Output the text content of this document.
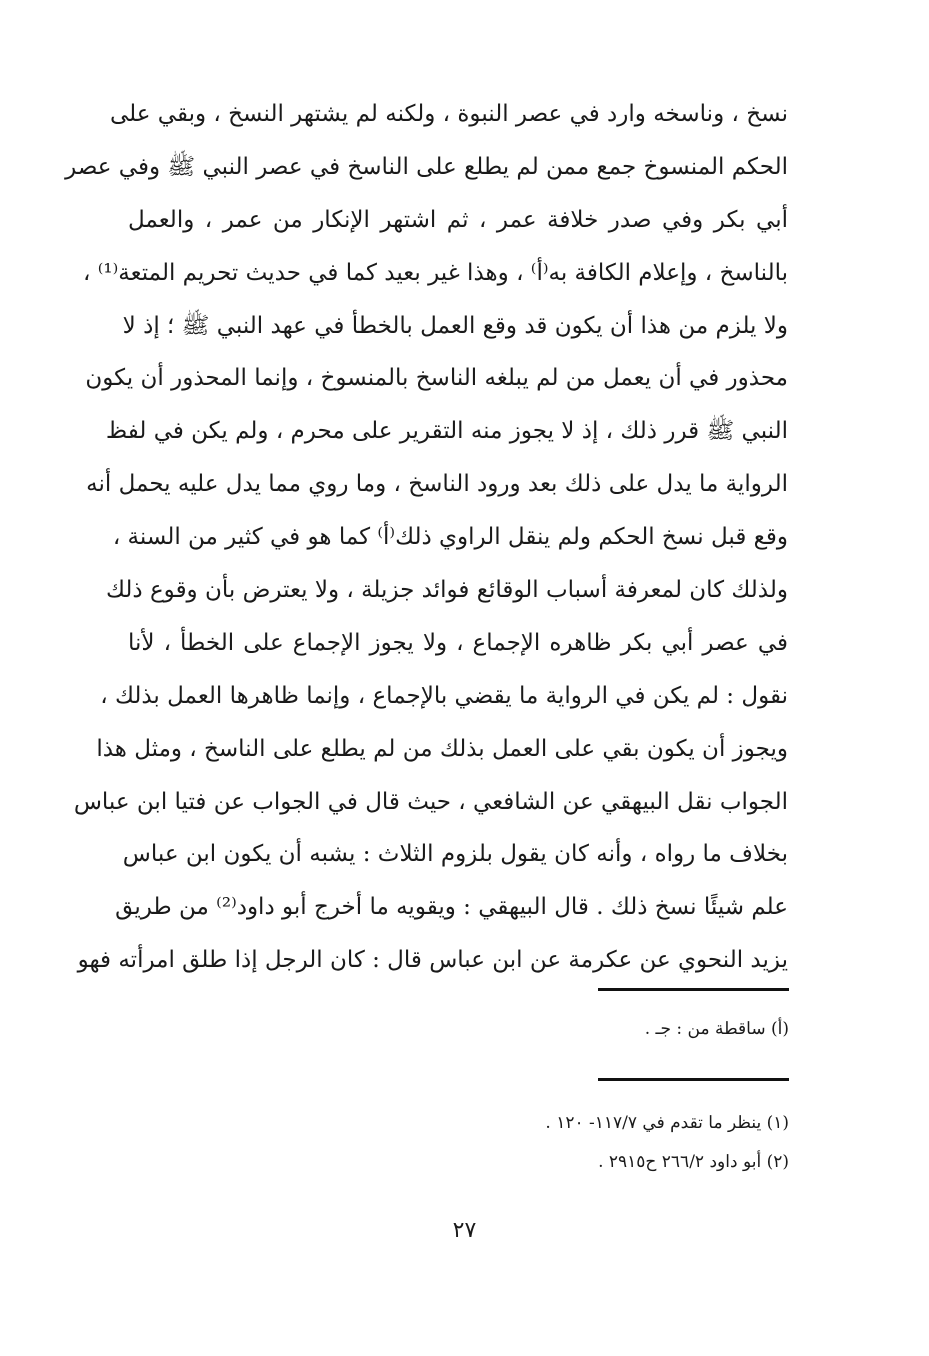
نسخ ، وناسخه وارد في عصر النبوة ، ولكنه لم يشتهر النسخ ، وبقي على
الحكم المنسوخ جمع ممن لم يطلع على الناسخ في عصر النبي ﷺ وفي عصر
أبي بكر وفي صدر خلافة عمر ، ثم اشتهر الإنكار من عمر ، والعمل
بالناسخ ، وإعلام الكافة به⁽أ⁾ ، وهذا غير بعيد كما في حديث تحريم المتعة⁽¹⁾ ،
ولا يلزم من هذا أن يكون قد وقع العمل بالخطأ في عهد النبي ﷺ ؛ إذ لا
محذور في أن يعمل من لم يبلغه الناسخ بالمنسوخ ، وإنما المحذور أن يكون
النبي ﷺ قرر ذلك ، إذ لا يجوز منه التقرير على محرم ، ولم يكن في لفظ
الرواية ما يدل على ذلك بعد ورود الناسخ ، وما روي مما يدل عليه يحمل أنه
وقع قبل نسخ الحكم ولم ينقل الراوي ذلك⁽أ⁾ كما هو في كثير من السنة ،
ولذلك كان لمعرفة أسباب الوقائع فوائد جزيلة ، ولا يعترض بأن وقوع ذلك
في عصر أبي بكر ظاهره الإجماع ، ولا يجوز الإجماع على الخطأ ، لأنا
نقول : لم يكن في الرواية ما يقضي بالإجماع ، وإنما ظاهرها العمل بذلك ،
ويجوز أن يكون بقي على العمل بذلك من لم يطلع على الناسخ ، ومثل هذا
الجواب نقل البيهقي عن الشافعي ، حيث قال في الجواب عن فتيا ابن عباس
بخلاف ما رواه ، وأنه كان يقول بلزوم الثلاث : يشبه أن يكون ابن عباس
علم شيئًا نسخ ذلك . قال البيهقي : ويقويه ما أخرج أبو داود⁽²⁾ من طريق
يزيد النحوي عن عكرمة عن ابن عباس قال : كان الرجل إذا طلق امرأته فهو
(أ) ساقطة من : جـ .
(١) ينظر ما تقدم في ١١٧/٧- ١٢٠ .
(٢) أبو داود ٢٦٦/٢ ح٢٩١٥ .
٢٧
